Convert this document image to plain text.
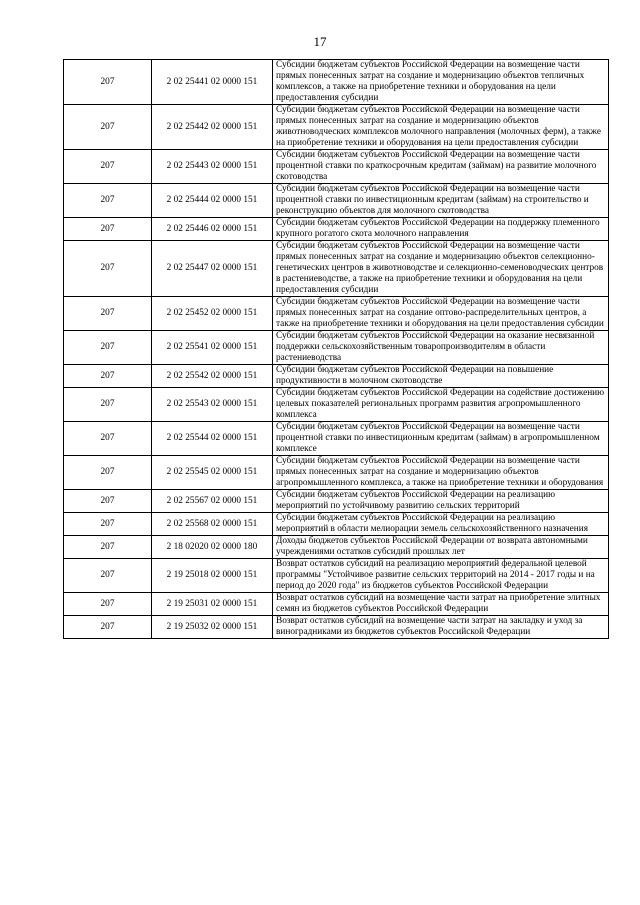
17
207	2 02 25441 02 0000 151	Субсидии бюджетам субъектов Российской Федерации на возмещение части прямых понесенных затрат на создание и модернизацию объектов тепличных комплексов, а также на приобретение техники и оборудования на цели предоставления субсидии
207	2 02 25442 02 0000 151	Субсидии бюджетам субъектов Российской Федерации на возмещение части прямых понесенных затрат на создание и модернизацию объектов животноводческих комплексов молочного направления (молочных ферм), а также на приобретение техники и оборудования на цели предоставления субсидии
207	2 02 25443 02 0000 151	Субсидии бюджетам субъектов Российской Федерации на возмещение части процентной ставки по краткосрочным кредитам (займам) на развитие молочного скотоводства
207	2 02 25444 02 0000 151	Субсидии бюджетам субъектов Российской Федерации на возмещение части процентной ставки по инвестиционным кредитам (займам) на строительство и реконструкцию объектов для молочного скотоводства
207	2 02 25446 02 0000 151	Субсидии бюджетам субъектов Российской Федерации на поддержку племенного крупного рогатого скота молочного направления
207	2 02 25447 02 0000 151	Субсидии бюджетам субъектов Российской Федерации на возмещение части прямых понесенных затрат на создание и модернизацию объектов селекционно-генетических центров в животноводстве и селекционно-семеноводческих центров в растениеводстве, а также на приобретение техники и оборудования на цели предоставления субсидии
207	2 02 25452 02 0000 151	Субсидии бюджетам субъектов Российской Федерации на возмещение части прямых понесенных затрат на создание оптово-распределительных центров, а также на приобретение техники и оборудования на цели предоставления субсидии
207	2 02 25541 02 0000 151	Субсидии бюджетам субъектов Российской Федерации на оказание несвязанной поддержки сельскохозяйственным товаропроизводителям в области растениеводства
207	2 02 25542 02 0000 151	Субсидии бюджетам субъектов Российской Федерации на повышение продуктивности в молочном скотоводстве
207	2 02 25543 02 0000 151	Субсидии бюджетам субъектов Российской Федерации на содействие достижению целевых показателей региональных программ развития агропромышленного комплекса
207	2 02 25544 02 0000 151	Субсидии бюджетам субъектов Российской Федерации на возмещение части процентной ставки по инвестиционным кредитам (займам) в агропромышленном комплексе
207	2 02 25545 02 0000 151	Субсидии бюджетам субъектов Российской Федерации на возмещение части прямых понесенных затрат на создание и модернизацию объектов агропромышленного комплекса, а также на приобретение техники и оборудования
207	2 02 25567 02 0000 151	Субсидии бюджетам субъектов Российской Федерации на реализацию мероприятий по устойчивому развитию сельских территорий
207	2 02 25568 02 0000 151	Субсидии бюджетам субъектов Российской Федерации на реализацию мероприятий в области мелиорации земель сельскохозяйственного назначения
207	2 18 02020 02 0000 180	Доходы бюджетов субъектов Российской Федерации от возврата автономными учреждениями остатков субсидий прошлых лет
207	2 19 25018 02 0000 151	Возврат остатков субсидий на реализацию мероприятий федеральной целевой программы "Устойчивое развитие сельских территорий на 2014 - 2017 годы и на период до 2020 года" из бюджетов субъектов Российской Федерации
207	2 19 25031 02 0000 151	Возврат остатков субсидий на возмещение части затрат на приобретение элитных семян из бюджетов субъектов Российской Федерации
207	2 19 25032 02 0000 151	Возврат остатков субсидий на возмещение части затрат на закладку и уход за виноградниками из бюджетов субъектов Российской Федерации
